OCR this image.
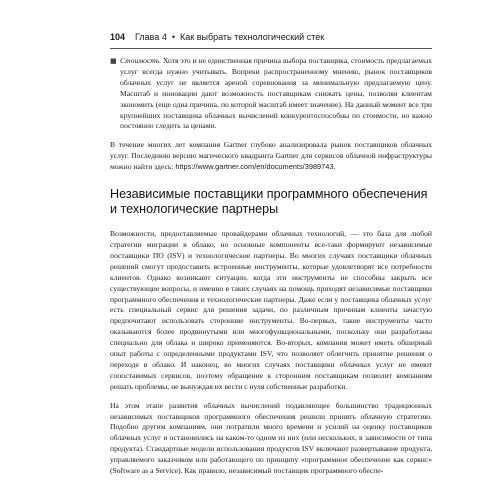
104 Глава 4 • Как выбрать технологический стек
■ Стоимость. Хотя это и не единственная причина выбора поставщика, стоимость предлагаемых услуг всегда нужно учитывать. Вопреки распространенному мнению, рынок поставщиков облачных услуг не является ареной соревнования за минимальную предлагаемую цену. Масштаб и инновации дают возможность поставщикам снижать цены, позволяя клиентам экономить (еще одна причина, по которой масштаб имеет значение). На данный момент все три крупнейших поставщика облачных вычислений конкурентоспособны по стоимости, но важно постоянно следить за ценами.

В течение многих лет компания Gartner глубоко анализировала рынок поставщиков облачных услуг. Последнюю версию магического квадранта Gartner для сервисов облачной инфраструктуры можно найти здесь: https://www.gartner.com/en/documents/3989743.

Независимые поставщики программного обеспечения и технологические партнеры

Возможности, предоставляемые провайдерами облачных технологий, — это база для любой стратегии миграции в облако, но основные компоненты все-таки формируют независимые поставщики ПО (ISV) и технологические партнеры. Во многих случаях поставщики облачных решений смогут предоставить встроенные инструменты, которые удовлетворят все потребности клиентов. Однако возникают ситуации, когда эти инструменты не способны закрыть все существующие вопросы, и именно в таких случаях на помощь приходят независимые поставщики программного обеспечения и технологические партнеры. Даже если у поставщика облачных услуг есть специальный сервис для решения задачи, по различным причинам клиенты зачастую предпочитают использовать сторонние инструменты. Во-первых, такие инструменты часто оказываются более продвинутыми или многофункциональными, поскольку они разработаны специально для облака и широко применяются. Во-вторых, компания может иметь обширный опыт работы с определенными продуктами ISV, что позволяет облегчить принятие решения о переходе в облако. И наконец, во многих случаях поставщики облачных услуг не имеют сопоставимых сервисов, поэтому обращение к сторонним поставщикам позволит компаниям решать проблемы, не вынуждая их вести с нуля собственные разработки.

На этом этапе развития облачных вычислений подавляющее большинство традиционных независимых поставщиков программного обеспечения решили принять облачную стратегию. Подобно другим компаниям, они потратили много времени и усилий на оценку поставщиков облачных услуг и остановились на каком-то одном из них (или нескольких, в зависимости от типа продукта). Стандартные модели использования продуктов ISV включают развертывание продукта, управляемого заказчиком или работающего по принципу «программное обеспечение как сервис» (Software as a Service). Как правило, независимый поставщик программного обеспе-
